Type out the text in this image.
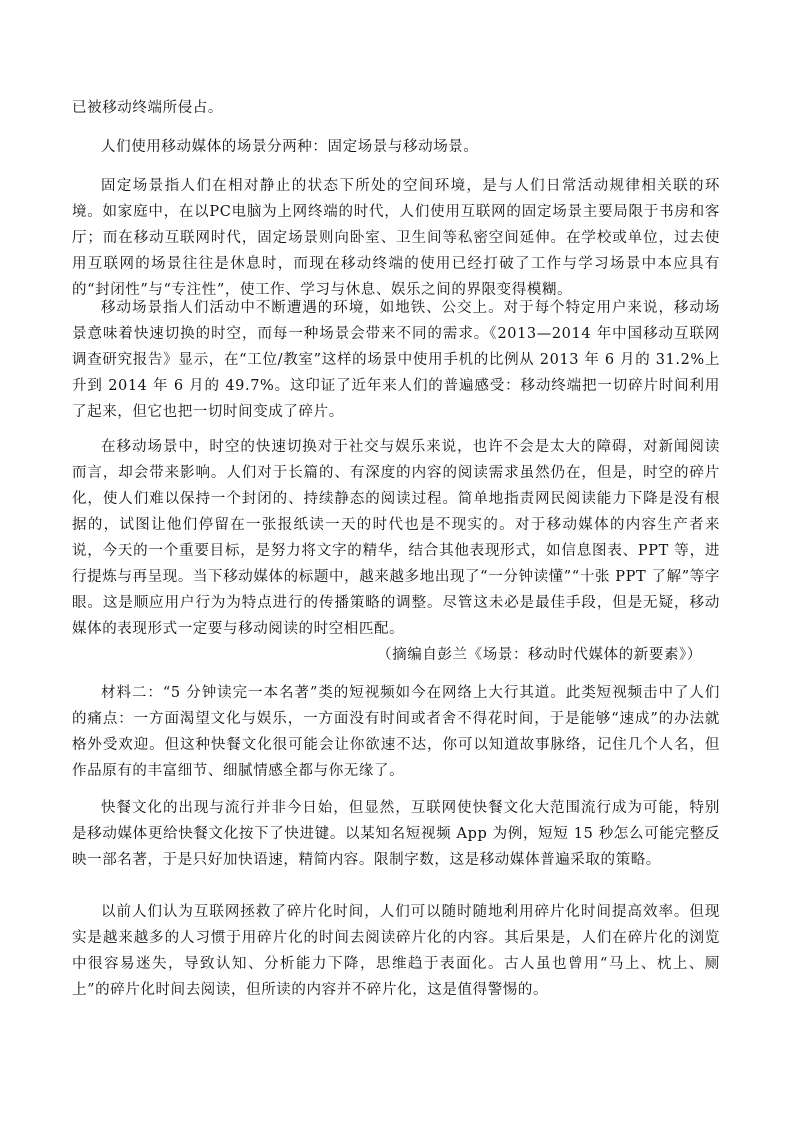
已被移动终端所侵占。

人们使用移动媒体的场景分两种：固定场景与移动场景。

固定场景指人们在相对静止的状态下所处的空间环境，是与人们日常活动规律相关联的环境。如家庭中，在以PC电脑为上网终端的时代，人们使用互联网的固定场景主要局限于书房和客厅；而在移动互联网时代，固定场景则向卧室、卫生间等私密空间延伸。在学校或单位，过去使用互联网的场景往往是休息时，而现在移动终端的使用已经打破了工作与学习场景中本应具有的“封闭性”与“专注性”，使工作、学习与休息、娱乐之间的界限变得模糊。

移动场景指人们活动中不断遭遇的环境，如地铁、公交上。对于每个特定用户来说，移动场景意味着快速切换的时空，而每一种场景会带来不同的需求。《2013—2014 年中国移动互联网调查研究报告》显示，在“工位/教室”这样的场景中使用手机的比例从 2013 年 6 月的 31.2%上升到 2014 年 6 月的 49.7%。这印证了近年来人们的普遍感受：移动终端把一切碎片时间利用了起来，但它也把一切时间变成了碎片。

在移动场景中，时空的快速切换对于社交与娱乐来说，也许不会是太大的障碍，对新闻阅读而言，却会带来影响。人们对于长篇的、有深度的内容的阅读需求虽然仍在，但是，时空的碎片化，使人们难以保持一个封闭的、持续静态的阅读过程。简单地指责网民阅读能力下降是没有根据的，试图让他们停留在一张报纸读一天的时代也是不现实的。对于移动媒体的内容生产者来说，今天的一个重要目标，是努力将文字的精华，结合其他表现形式，如信息图表、PPT 等，进行提炼与再呈现。当下移动媒体的标题中，越来越多地出现了“一分钟读懂”“十张 PPT 了解”等字眼。这是顺应用户行为为特点进行的传播策略的调整。尽管这未必是最佳手段，但是无疑，移动媒体的表现形式一定要与移动阅读的时空相匹配。

（摘编自彭兰《场景：移动时代媒体的新要素》）

材料二：“5 分钟读完一本名著”类的短视频如今在网络上大行其道。此类短视频击中了人们的痛点：一方面渴望文化与娱乐，一方面没有时间或者舍不得花时间，于是能够“速成”的办法就格外受欢迎。但这种快餐文化很可能会让你欲速不达，你可以知道故事脉络，记住几个人名，但作品原有的丰富细节、细腻情感全都与你无缘了。

快餐文化的出现与流行并非今日始，但显然，互联网使快餐文化大范围流行成为可能，特别是移动媒体更给快餐文化按下了快进键。以某知名短视频 App 为例，短短 15 秒怎么可能完整反映一部名著，于是只好加快语速，精简内容。限制字数，这是移动媒体普遍采取的策略。

以前人们认为互联网拯救了碎片化时间，人们可以随时随地利用碎片化时间提高效率。但现实是越来越多的人习惯于用碎片化的时间去阅读碎片化的内容。其后果是，人们在碎片化的浏览中很容易迷失，导致认知、分析能力下降，思维趋于表面化。古人虽也曾用“马上、枕上、厕上”的碎片化时间去阅读，但所读的内容并不碎片化，这是值得警惕的。
